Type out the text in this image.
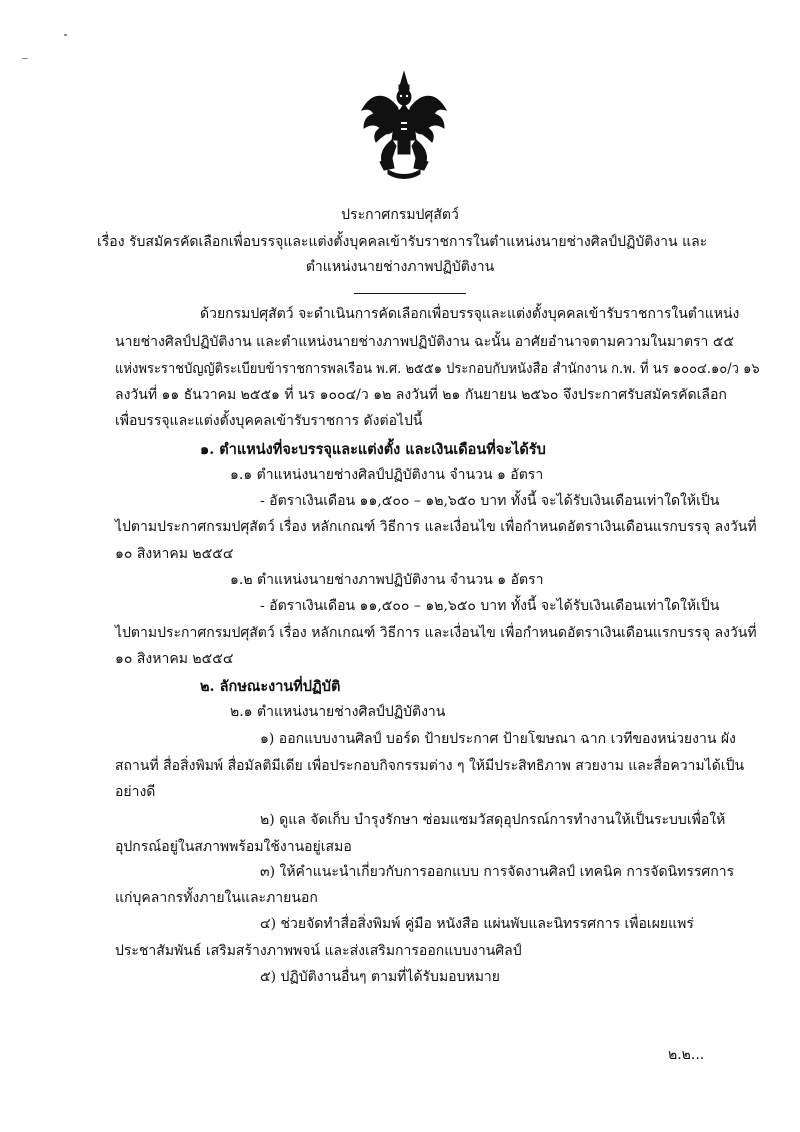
ประกาศกรมปศุสัตว์
เรื่อง รับสมัครคัดเลือกเพื่อบรรจุและแต่งตั้งบุคคลเข้ารับราชการในตำแหน่งนายช่างศิลป์ปฏิบัติงาน และ
ตำแหน่งนายช่างภาพปฏิบัติงาน
ด้วยกรมปศุสัตว์ จะดำเนินการคัดเลือกเพื่อบรรจุและแต่งตั้งบุคคลเข้ารับราชการในตำแหน่ง
นายช่างศิลป์ปฏิบัติงาน และตำแหน่งนายช่างภาพปฏิบัติงาน ฉะนั้น อาศัยอำนาจตามความในมาตรา ๕๕
แห่งพระราชบัญญัติระเบียบข้าราชการพลเรือน พ.ศ. ๒๕๕๑ ประกอบกับหนังสือ สำนักงาน ก.พ. ที่ นร ๑๐๐๔.๑๐/ว ๑๖
ลงวันที่ ๑๑ ธันวาคม ๒๕๕๑ ที่ นร ๑๐๐๔/ว ๑๒ ลงวันที่ ๒๑ กันยายน ๒๕๖๐ จึงประกาศรับสมัครคัดเลือก
เพื่อบรรจุและแต่งตั้งบุคคลเข้ารับราชการ ดังต่อไปนี้
๑. ตำแหน่งที่จะบรรจุและแต่งตั้ง และเงินเดือนที่จะได้รับ
๑.๑ ตำแหน่งนายช่างศิลป์ปฏิบัติงาน จำนวน ๑ อัตรา
- อัตราเงินเดือน ๑๑,๕๐๐ – ๑๒,๖๕๐ บาท ทั้งนี้ จะได้รับเงินเดือนเท่าใดให้เป็น
ไปตามประกาศกรมปศุสัตว์ เรื่อง หลักเกณฑ์ วิธีการ และเงื่อนไข เพื่อกำหนดอัตราเงินเดือนแรกบรรจุ ลงวันที่
๑๐ สิงหาคม ๒๕๕๔
๑.๒ ตำแหน่งนายช่างภาพปฏิบัติงาน จำนวน ๑ อัตรา
- อัตราเงินเดือน ๑๑,๕๐๐ – ๑๒,๖๕๐ บาท ทั้งนี้ จะได้รับเงินเดือนเท่าใดให้เป็น
ไปตามประกาศกรมปศุสัตว์ เรื่อง หลักเกณฑ์ วิธีการ และเงื่อนไข เพื่อกำหนดอัตราเงินเดือนแรกบรรจุ ลงวันที่
๑๐ สิงหาคม ๒๕๕๔
๒. ลักษณะงานที่ปฏิบัติ
๒.๑ ตำแหน่งนายช่างศิลป์ปฏิบัติงาน
๑) ออกแบบงานศิลป์ บอร์ด ป้ายประกาศ ป้ายโฆษณา ฉาก เวทีของหน่วยงาน ผัง
สถานที่ สื่อสิ่งพิมพ์ สื่อมัลติมีเดีย เพื่อประกอบกิจกรรมต่าง ๆ ให้มีประสิทธิภาพ สวยงาม และสื่อความได้เป็น
อย่างดี
๒) ดูแล จัดเก็บ บำรุงรักษา ซ่อมแซมวัสดุอุปกรณ์การทำงานให้เป็นระบบเพื่อให้
อุปกรณ์อยู่ในสภาพพร้อมใช้งานอยู่เสมอ
๓) ให้คำแนะนำเกี่ยวกับการออกแบบ การจัดงานศิลป์ เทคนิค การจัดนิทรรศการ
แก่บุคลากรทั้งภายในและภายนอก
๔) ช่วยจัดทำสื่อสิ่งพิมพ์ คู่มือ หนังสือ แผ่นพับและนิทรรศการ เพื่อเผยแพร่
ประชาสัมพันธ์ เสริมสร้างภาพพจน์ และส่งเสริมการออกแบบงานศิลป์
๕) ปฏิบัติงานอื่นๆ ตามที่ได้รับมอบหมาย
๒.๒...
